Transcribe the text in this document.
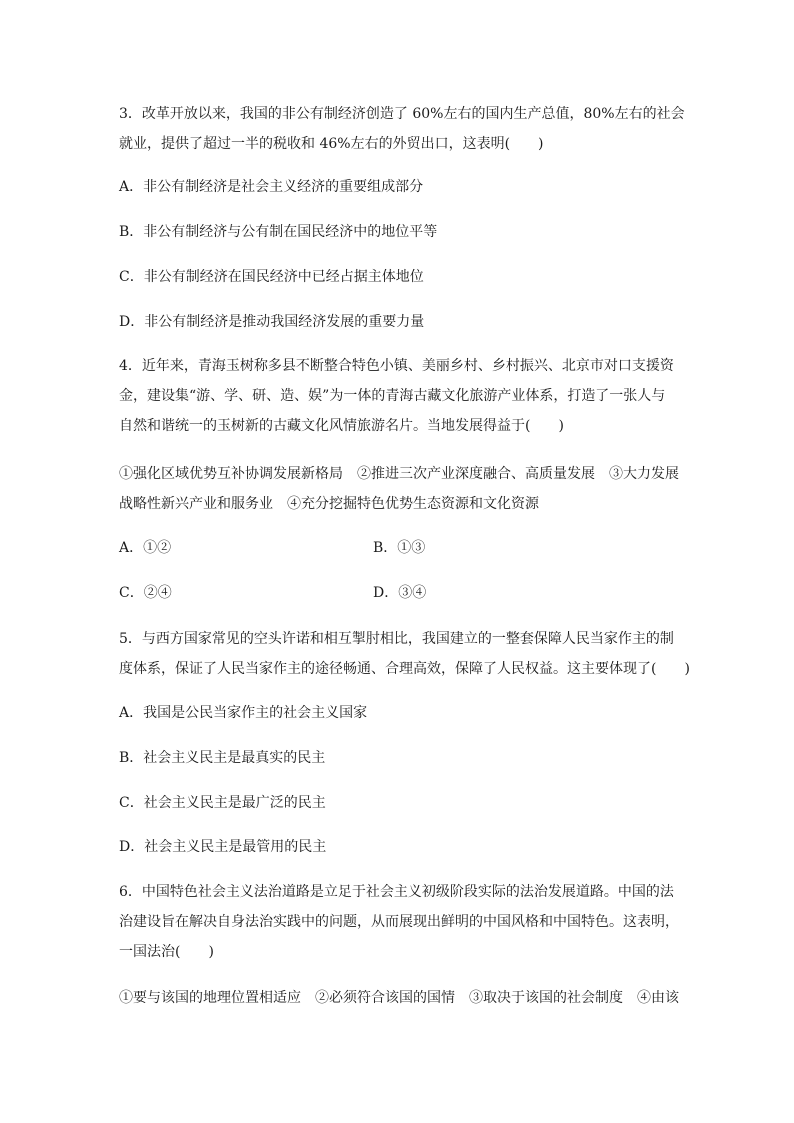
3．改革开放以来，我国的非公有制经济创造了 60%左右的国内生产总值，80%左右的社会
就业，提供了超过一半的税收和 46%左右的外贸出口，这表明(　　)
A．非公有制经济是社会主义经济的重要组成部分
B．非公有制经济与公有制在国民经济中的地位平等
C．非公有制经济在国民经济中已经占据主体地位
D．非公有制经济是推动我国经济发展的重要力量
4．近年来，青海玉树称多县不断整合特色小镇、美丽乡村、乡村振兴、北京市对口支援资
金，建设集“游、学、研、造、娱”为一体的青海古藏文化旅游产业体系，打造了一张人与
自然和谐统一的玉树新的古藏文化风情旅游名片。当地发展得益于(　　)
①强化区域优势互补协调发展新格局　②推进三次产业深度融合、高质量发展　③大力发展
战略性新兴产业和服务业　④充分挖掘特色优势生态资源和文化资源
A．①②	B．①③
C．②④	D．③④
5．与西方国家常见的空头许诺和相互掣肘相比，我国建立的一整套保障人民当家作主的制
度体系，保证了人民当家作主的途径畅通、合理高效，保障了人民权益。这主要体现了(　　)
A．我国是公民当家作主的社会主义国家
B．社会主义民主是最真实的民主
C．社会主义民主是最广泛的民主
D．社会主义民主是最管用的民主
6．中国特色社会主义法治道路是立足于社会主义初级阶段实际的法治发展道路。中国的法
治建设旨在解决自身法治实践中的问题，从而展现出鲜明的中国风格和中国特色。这表明，
一国法治(　　)
①要与该国的地理位置相适应　②必须符合该国的国情　③取决于该国的社会制度　④由该
